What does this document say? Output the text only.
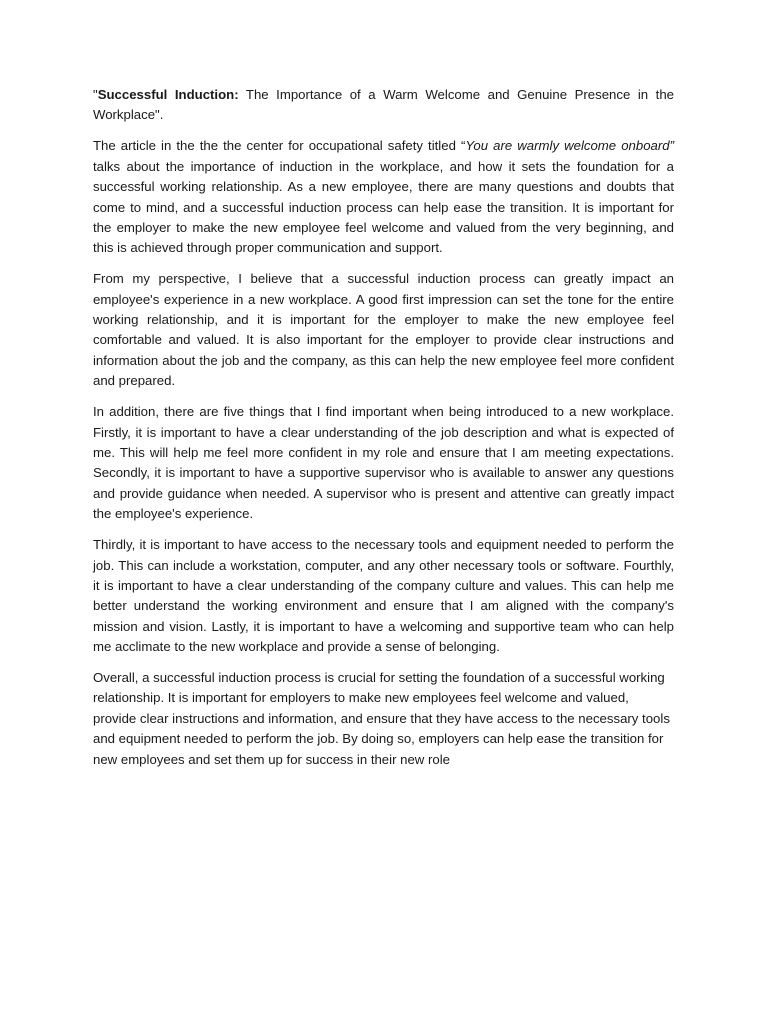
"Successful Induction: The Importance of a Warm Welcome and Genuine Presence in the Workplace".

The article in the the the center for occupational safety titled “You are warmly welcome onboard” talks about the importance of induction in the workplace, and how it sets the foundation for a successful working relationship. As a new employee, there are many questions and doubts that come to mind, and a successful induction process can help ease the transition. It is important for the employer to make the new employee feel welcome and valued from the very beginning, and this is achieved through proper communication and support.

From my perspective, I believe that a successful induction process can greatly impact an employee's experience in a new workplace. A good first impression can set the tone for the entire working relationship, and it is important for the employer to make the new employee feel comfortable and valued. It is also important for the employer to provide clear instructions and information about the job and the company, as this can help the new employee feel more confident and prepared.

In addition, there are five things that I find important when being introduced to a new workplace. Firstly, it is important to have a clear understanding of the job description and what is expected of me. This will help me feel more confident in my role and ensure that I am meeting expectations. Secondly, it is important to have a supportive supervisor who is available to answer any questions and provide guidance when needed. A supervisor who is present and attentive can greatly impact the employee's experience.

Thirdly, it is important to have access to the necessary tools and equipment needed to perform the job. This can include a workstation, computer, and any other necessary tools or software. Fourthly, it is important to have a clear understanding of the company culture and values. This can help me better understand the working environment and ensure that I am aligned with the company's mission and vision. Lastly, it is important to have a welcoming and supportive team who can help me acclimate to the new workplace and provide a sense of belonging.

Overall, a successful induction process is crucial for setting the foundation of a successful working relationship. It is important for employers to make new employees feel welcome and valued, provide clear instructions and information, and ensure that they have access to the necessary tools and equipment needed to perform the job. By doing so, employers can help ease the transition for new employees and set them up for success in their new role
